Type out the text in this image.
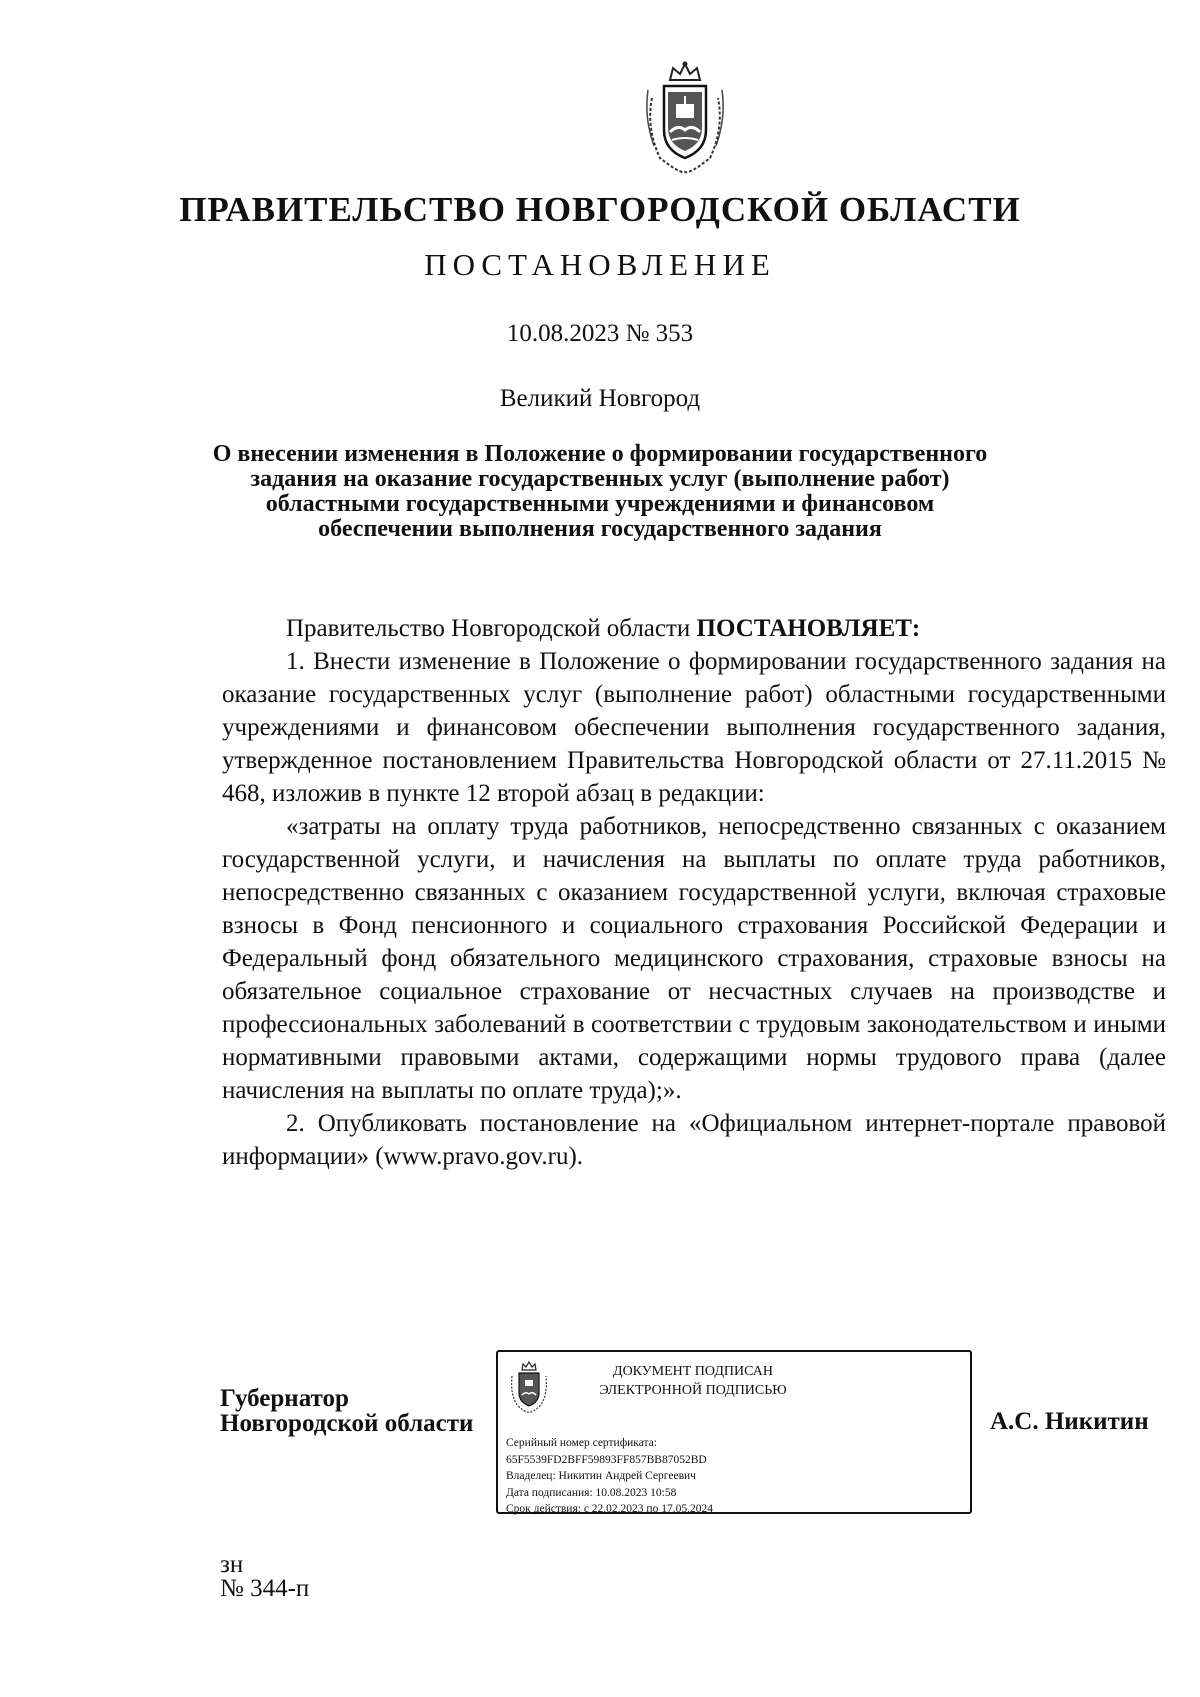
ПРАВИТЕЛЬСТВО НОВГОРОДСКОЙ ОБЛАСТИ
ПОСТАНОВЛЕНИЕ
10.08.2023 № 353
Великий Новгород
О внесении изменения в Положение о формировании государственного
задания на оказание государственных услуг (выполнение работ)
областными государственными учреждениями и финансовом
обеспечении выполнения государственного задания

Правительство Новгородской области ПОСТАНОВЛЯЕТ:

1. Внести изменение в Положение о формировании государственного задания на оказание государственных услуг (выполнение работ) областными государственными учреждениями и финансовом обеспечении выполнения государственного задания, утвержденное постановлением Правительства Новгородской области от 27.11.2015 № 468, изложив в пункте 12 второй абзац в редакции:

«затраты на оплату труда работников, непосредственно связанных с оказанием государственной услуги, и начисления на выплаты по оплате труда работников, непосредственно связанных с оказанием государственной услуги, включая страховые взносы в Фонд пенсионного и социального страхования Российской Федерации и Федеральный фонд обязательного медицинского страхования, страховые взносы на обязательное социальное страхование от несчастных случаев на производстве и профессиональных заболеваний в соответствии с трудовым законодательством и иными нормативными правовыми актами, содержащими нормы трудового права (далее начисления на выплаты по оплате труда);».

2. Опубликовать постановление на «Официальном интернет-портале правовой информации» (www.pravo.gov.ru).

Губернатор
Новгородской области
ДОКУМЕНТ ПОДПИСАН
ЭЛЕКТРОННОЙ ПОДПИСЬЮ
Серийный номер сертификата:
65F5539FD2BFF59893FF857BB87052BD
Владелец: Никитин Андрей Сергеевич
Дата подписания: 10.08.2023 10:58
Срок действия: с 22.02.2023 по 17.05.2024
А.С. Никитин
зн
№ 344-п
